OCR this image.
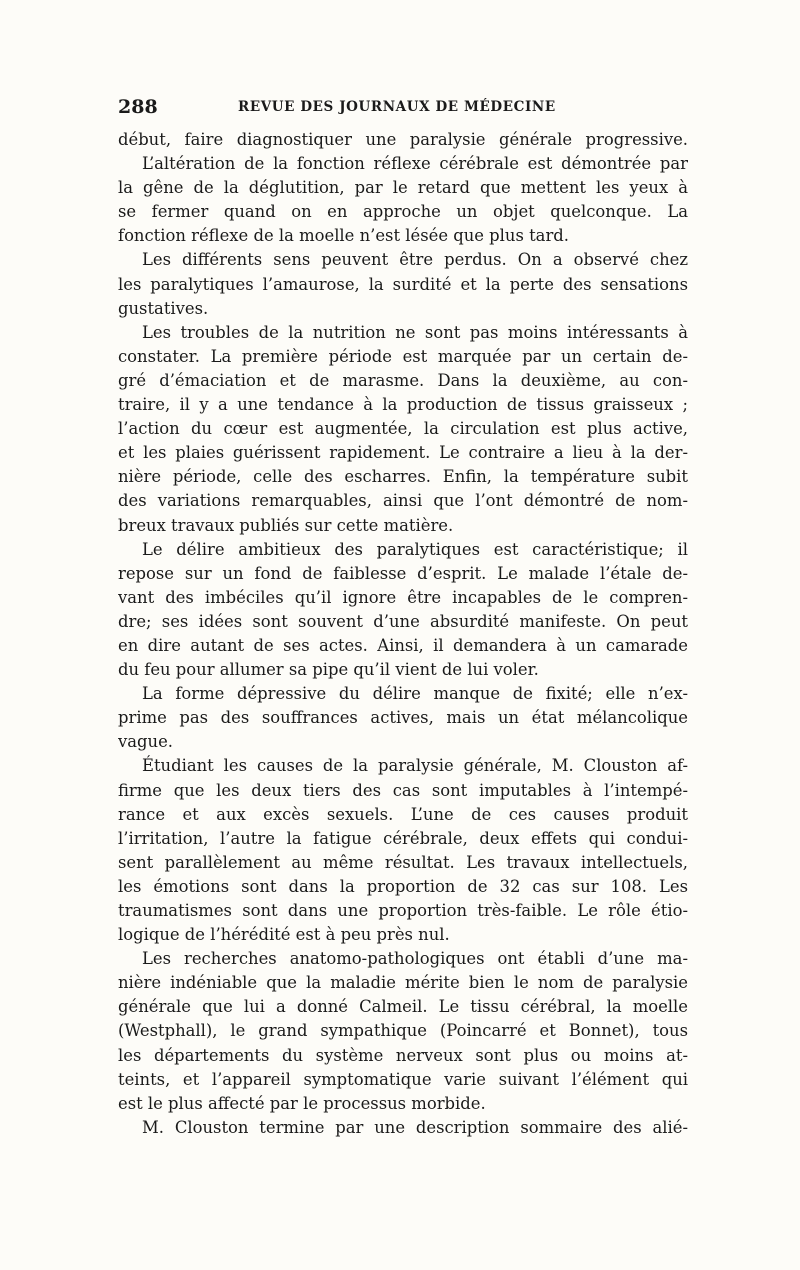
288	REVUE DES JOURNAUX DE MÉDECINE
début, faire diagnostiquer une paralysie générale progressive.
L’altération de la fonction réflexe cérébrale est démontrée par
la gêne de la déglutition, par le retard que mettent les yeux à
se fermer quand on en approche un objet quelconque. La
fonction réflexe de la moelle n’est lésée que plus tard.
Les différents sens peuvent être perdus. On a observé chez
les paralytiques l’amaurose, la surdité et la perte des sensations
gustatives.
Les troubles de la nutrition ne sont pas moins intéressants à
constater. La première période est marquée par un certain de-
gré d’émaciation et de marasme. Dans la deuxième, au con-
traire, il y a une tendance à la production de tissus graisseux ;
l’action du cœur est augmentée, la circulation est plus active,
et les plaies guérissent rapidement. Le contraire a lieu à la der-
nière période, celle des escharres. Enfin, la température subit
des variations remarquables, ainsi que l’ont démontré de nom-
breux travaux publiés sur cette matière.
Le délire ambitieux des paralytiques est caractéristique; il
repose sur un fond de faiblesse d’esprit. Le malade l’étale de-
vant des imbéciles qu’il ignore être incapables de le compren-
dre; ses idées sont souvent d’une absurdité manifeste. On peut
en dire autant de ses actes. Ainsi, il demandera à un camarade
du feu pour allumer sa pipe qu’il vient de lui voler.
La forme dépressive du délire manque de fixité; elle n’ex-
prime pas des souffrances actives, mais un état mélancolique
vague.
Étudiant les causes de la paralysie générale, M. Clouston af-
firme que les deux tiers des cas sont imputables à l’intempé-
rance et aux excès sexuels. L’une de ces causes produit
l’irritation, l’autre la fatigue cérébrale, deux effets qui condui-
sent parallèlement au même résultat. Les travaux intellectuels,
les émotions sont dans la proportion de 32 cas sur 108. Les
traumatismes sont dans une proportion très-faible. Le rôle étio-
logique de l’hérédité est à peu près nul.
Les recherches anatomo-pathologiques ont établi d’une ma-
nière indéniable que la maladie mérite bien le nom de paralysie
générale que lui a donné Calmeil. Le tissu cérébral, la moelle
(Westphall), le grand sympathique (Poincarré et Bonnet), tous
les départements du système nerveux sont plus ou moins at-
teints, et l’appareil symptomatique varie suivant l’élément qui
est le plus affecté par le processus morbide.
M. Clouston termine par une description sommaire des alié-
